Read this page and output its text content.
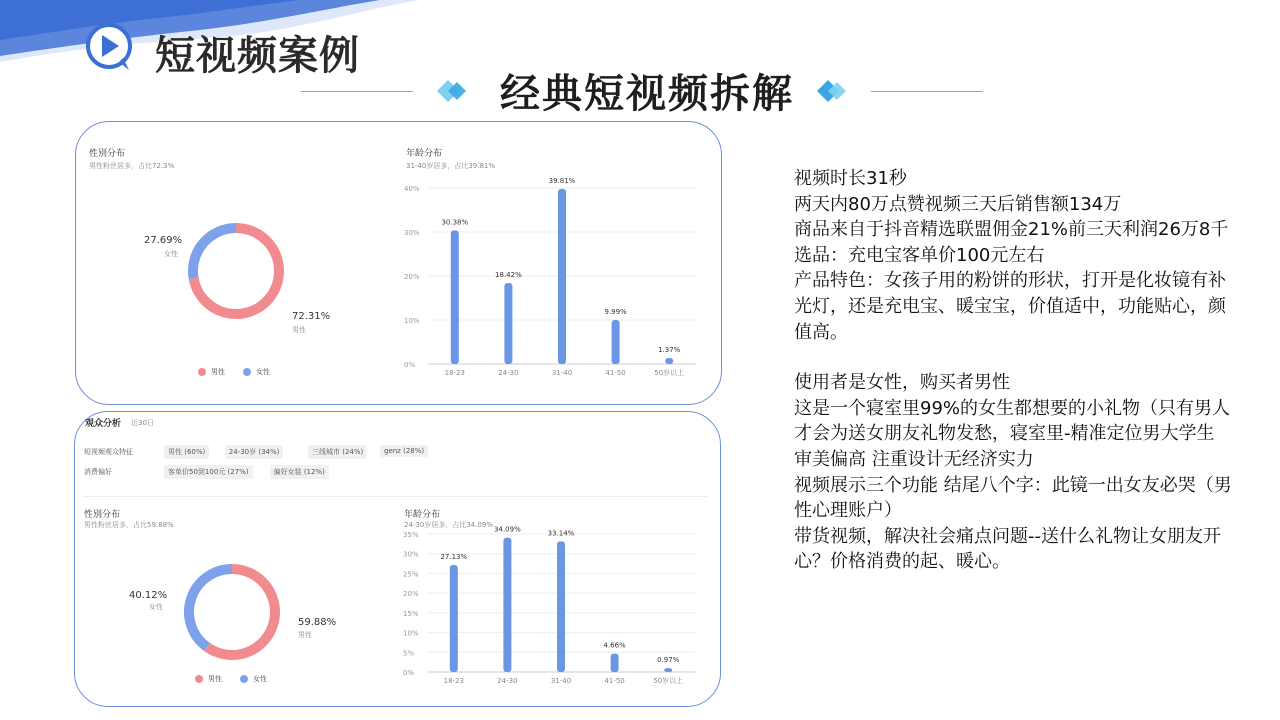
短视频案例
经典短视频拆解
性别分布
男性粉丝居多，占比72.3%
27.69%
女性
72.31%
男性
男性	女性
年龄分布
31-40岁居多，占比39.81%
0%
10%
20%
30%
40%
30.38%
18-23
18.42%
24-30
39.81%
31-40
9.99%
41-50
1.37%
50岁以上
观众分析 近30日
短视频观众特征	男性 (60%)	24-30岁 (34%)	三线城市 (24%)	genz (28%)
消费偏好	客单价50到100元 (27%)	偏好女装 (12%)
性别分布
男性粉丝居多，占比59.88%
40.12%
女性
59.88%
男性
男性	女性
年龄分布
24-30岁居多，占比34.09%
0%
5%
10%
15%
20%
25%
30%
35%
27.13%
18-23
34.09%
24-30
33.14%
31-40
4.66%
41-50
0.97%
50岁以上

视频时长31秒

两天内80万点赞视频三天后销售额134万

商品来自于抖音精选联盟佣金21%前三天利润26万8千

选品：充电宝客单价100元左右

产品特色：女孩子用的粉饼的形状，打开是化妆镜有补光灯，还是充电宝、暖宝宝，价值适中，功能贴心，颜值高。

使用者是女性，购买者男性

这是一个寝室里99%的女生都想要的小礼物（只有男人才会为送女朋友礼物发愁，寝室里-精准定位男大学生 审美偏高 注重设计无经济实力

视频展示三个功能 结尾八个字：此镜一出女友必哭（男性心理账户）

带货视频，解决社会痛点问题--送什么礼物让女朋友开心？价格消费的起、暖心。
